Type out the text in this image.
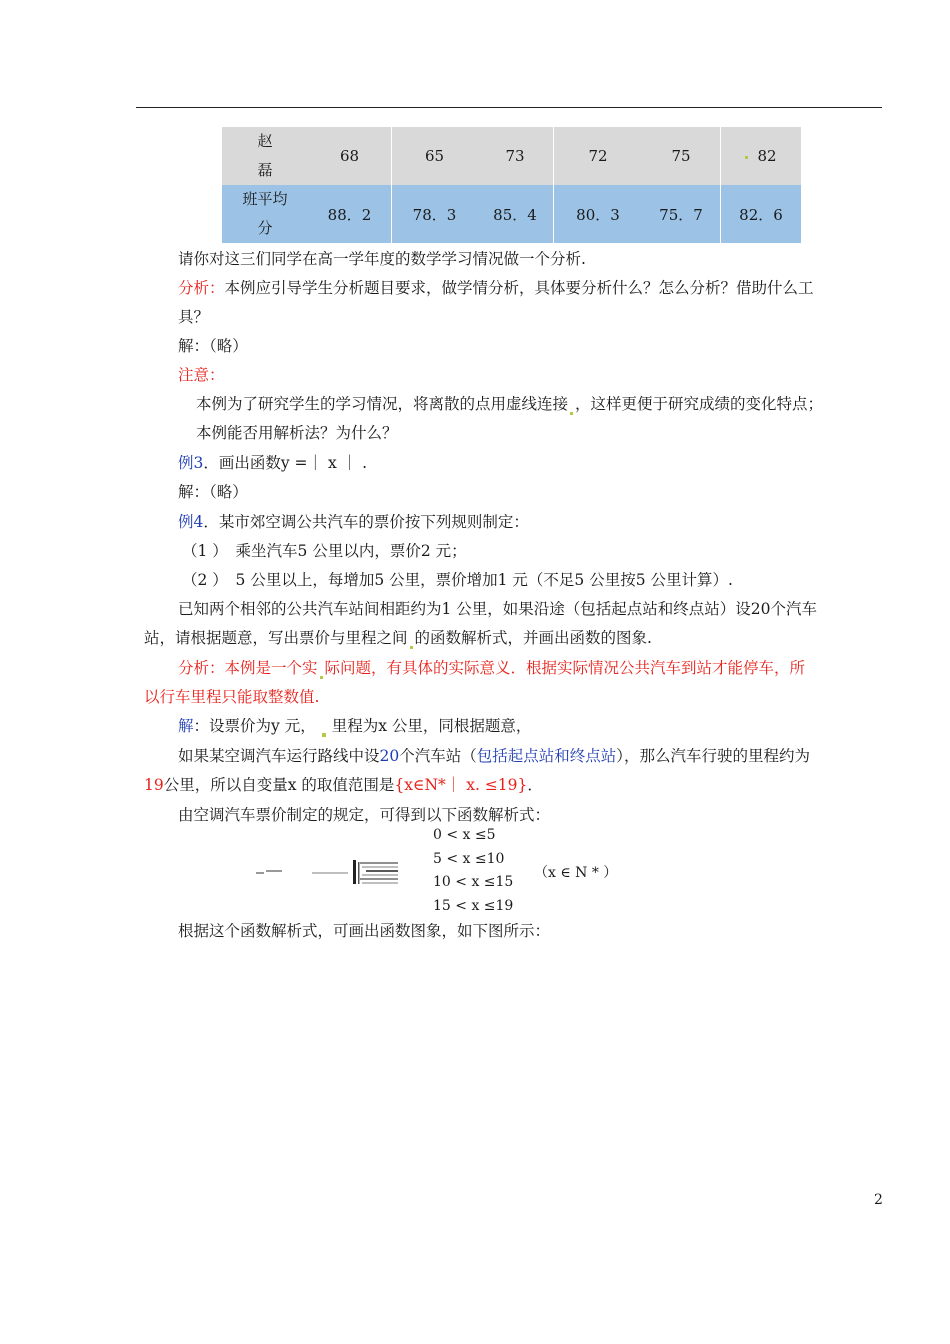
赵
磊	68	65	73	72	75	82

班平均
分	88．2	78．3	85．4	80．3	75．7	82．6
请你对这三们同学在高一学年度的数学学习情况做一个分析.
分析：本例应引导学生分析题目要求，做学情分析，具体要分析什么？怎么分析？借助什么工
具？
解：（略）
注意：
本例为了研究学生的学习情况，将离散的点用虚线连接 ，这样更便于研究成绩的变化特点；
本例能否用解析法？为什么？
例3．画出函数y =｜ x ｜ .
解：（略）
例4．某市郊空调公共汽车的票价按下列规则制定：
（1 ）　乘坐汽车5 公里以内，票价2 元；
（2 ）　5 公里以上，每增加5 公里，票价增加1 元（不足5 公里按5 公里计算）.
已知两个相邻的公共汽车站间相距约为1 公里，如果沿途（包括起点站和终点站）设20个汽车
站，请根据题意，写出票价与里程之间 的函数解析式，并画出函数的图象.
分析：本例是一个实 际问题，有具体的实际意义．根据实际情况公共汽车到站才能停车，所
以行车里程只能取整数值.
解：设票价为y 元， 里程为x 公里，同根据题意，
如果某空调汽车运行路线中设20个汽车站（包括起点站和终点站），那么汽车行驶的里程约为
19公里，所以自变量x 的取值范围是{x∈N*｜ x. ≤19}．
由空调汽车票价制定的规定，可得到以下函数解析式：
0 < x ≤5
5 < x ≤10
10 < x ≤15
15 < x ≤19
（x ∈ N * ）
根据这个函数解析式，可画出函数图象，如下图所示：
2
